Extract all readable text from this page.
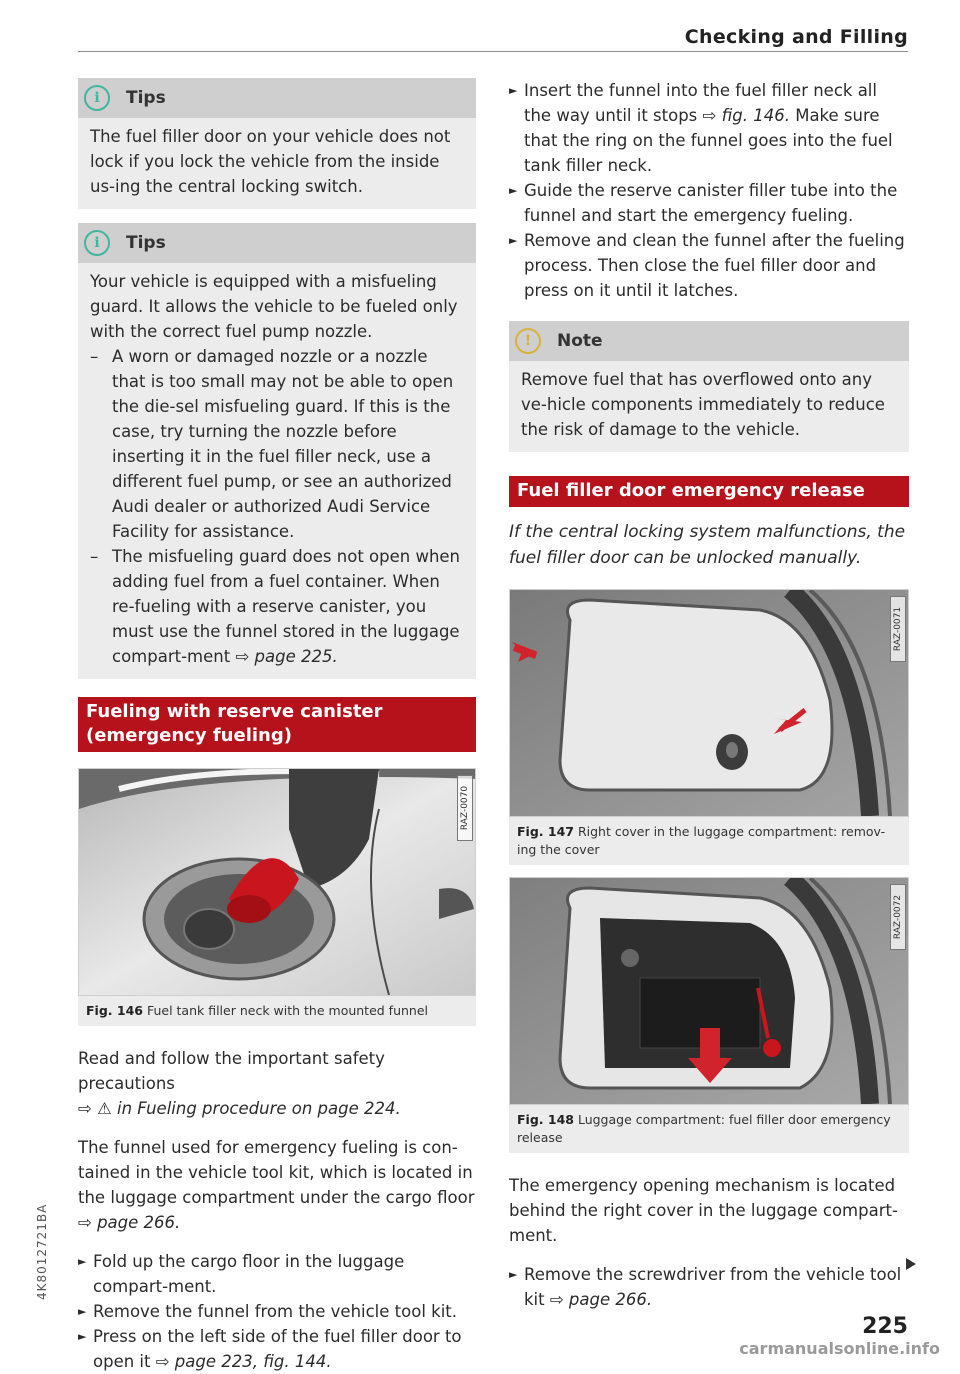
Checking and Filling
4K8012721BA
i	Tips

The fuel filler door on your vehicle does not lock if you lock the vehicle from the inside us-ing the central locking switch.

i	Tips

Your vehicle is equipped with a misfueling guard. It allows the vehicle to be fueled only with the correct fuel pump nozzle.

– A worn or damaged nozzle or a nozzle that is too small may not be able to open the die-sel misfueling guard. If this is the case, try turning the nozzle before inserting it in the fuel filler neck, use a different fuel pump, or see an authorized Audi dealer or authorized Audi Service Facility for assistance.
– The misfueling guard does not open when adding fuel from a fuel container. When re-fueling with a reserve canister, you must use the funnel stored in the luggage compart-ment ⇨ page 225.
Fueling with reserve canister (emergency fueling)
RAZ-0070
Fig. 146 Fuel tank filler neck with the mounted funnel

Read and follow the important safety precautions
⇨ ⚠ in Fueling procedure on page 224.

The funnel used for emergency fueling is con-tained in the vehicle tool kit, which is located in the luggage compartment under the cargo floor
⇨ page 266.

► Fold up the cargo floor in the luggage compart-ment.
► Remove the funnel from the vehicle tool kit.
► Press on the left side of the fuel filler door to open it ⇨ page 223, fig. 144.
► Insert the funnel into the fuel filler neck all the way until it stops ⇨ fig. 146. Make sure that the ring on the funnel goes into the fuel tank filler neck.
► Guide the reserve canister filler tube into the funnel and start the emergency fueling.
► Remove and clean the funnel after the fueling process. Then close the fuel filler door and press on it until it latches.
!	Note

Remove fuel that has overflowed onto any ve-hicle components immediately to reduce the risk of damage to the vehicle.

Fuel filler door emergency release

If the central locking system malfunctions, the fuel filler door can be unlocked manually.

RAZ-0071
Fig. 147 Right cover in the luggage compartment: remov-ing the cover
RAZ-0072
Fig. 148 Luggage compartment: fuel filler door emergency release

The emergency opening mechanism is located behind the right cover in the luggage compart-ment.

► Remove the screwdriver from the vehicle tool kit ⇨ page 266.
225
carmanualsonline.info
